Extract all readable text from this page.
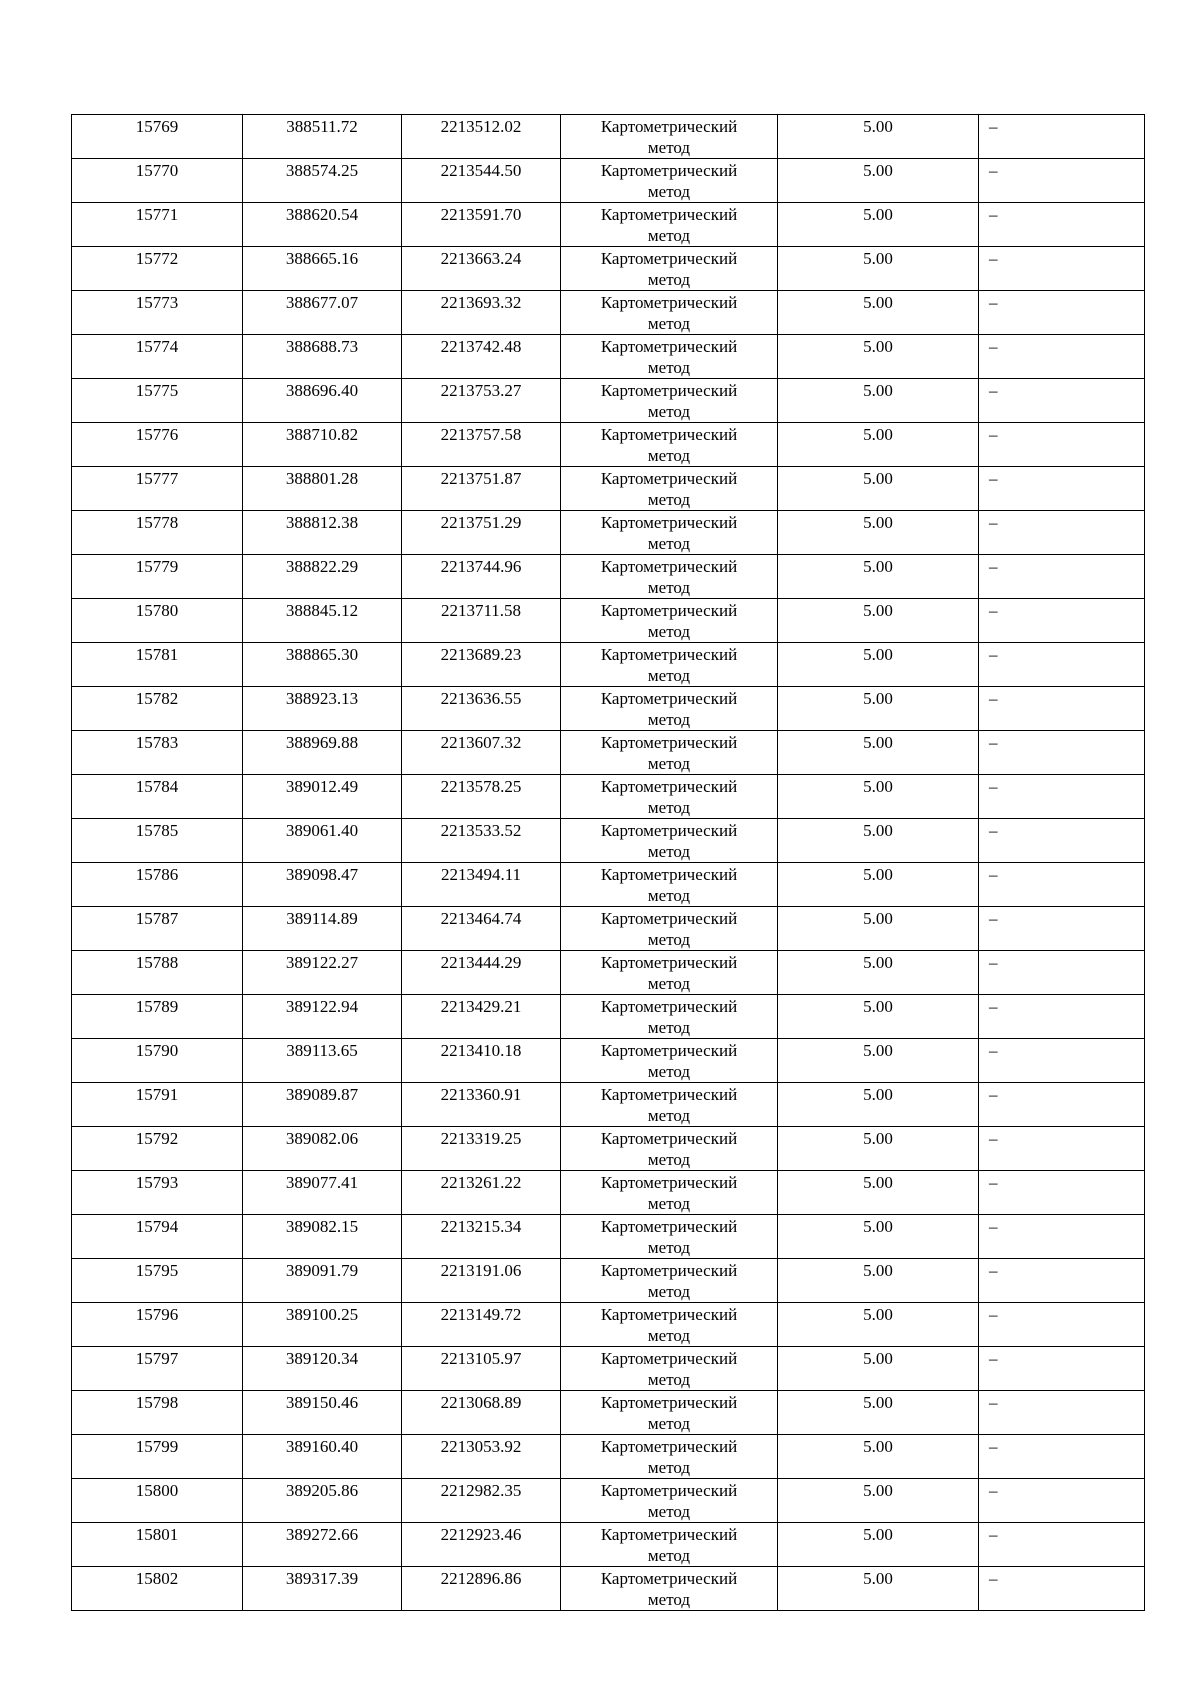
15769	388511.72	2213512.02	Картометрический
метод	5.00	–

15770	388574.25	2213544.50	Картометрический
метод	5.00	–

15771	388620.54	2213591.70	Картометрический
метод	5.00	–

15772	388665.16	2213663.24	Картометрический
метод	5.00	–

15773	388677.07	2213693.32	Картометрический
метод	5.00	–

15774	388688.73	2213742.48	Картометрический
метод	5.00	–

15775	388696.40	2213753.27	Картометрический
метод	5.00	–

15776	388710.82	2213757.58	Картометрический
метод	5.00	–

15777	388801.28	2213751.87	Картометрический
метод	5.00	–

15778	388812.38	2213751.29	Картометрический
метод	5.00	–

15779	388822.29	2213744.96	Картометрический
метод	5.00	–

15780	388845.12	2213711.58	Картометрический
метод	5.00	–

15781	388865.30	2213689.23	Картометрический
метод	5.00	–

15782	388923.13	2213636.55	Картометрический
метод	5.00	–

15783	388969.88	2213607.32	Картометрический
метод	5.00	–

15784	389012.49	2213578.25	Картометрический
метод	5.00	–

15785	389061.40	2213533.52	Картометрический
метод	5.00	–

15786	389098.47	2213494.11	Картометрический
метод	5.00	–

15787	389114.89	2213464.74	Картометрический
метод	5.00	–

15788	389122.27	2213444.29	Картометрический
метод	5.00	–

15789	389122.94	2213429.21	Картометрический
метод	5.00	–

15790	389113.65	2213410.18	Картометрический
метод	5.00	–

15791	389089.87	2213360.91	Картометрический
метод	5.00	–

15792	389082.06	2213319.25	Картометрический
метод	5.00	–

15793	389077.41	2213261.22	Картометрический
метод	5.00	–

15794	389082.15	2213215.34	Картометрический
метод	5.00	–

15795	389091.79	2213191.06	Картометрический
метод	5.00	–

15796	389100.25	2213149.72	Картометрический
метод	5.00	–

15797	389120.34	2213105.97	Картометрический
метод	5.00	–

15798	389150.46	2213068.89	Картометрический
метод	5.00	–

15799	389160.40	2213053.92	Картометрический
метод	5.00	–

15800	389205.86	2212982.35	Картометрический
метод	5.00	–

15801	389272.66	2212923.46	Картометрический
метод	5.00	–

15802	389317.39	2212896.86	Картометрический
метод	5.00	–
